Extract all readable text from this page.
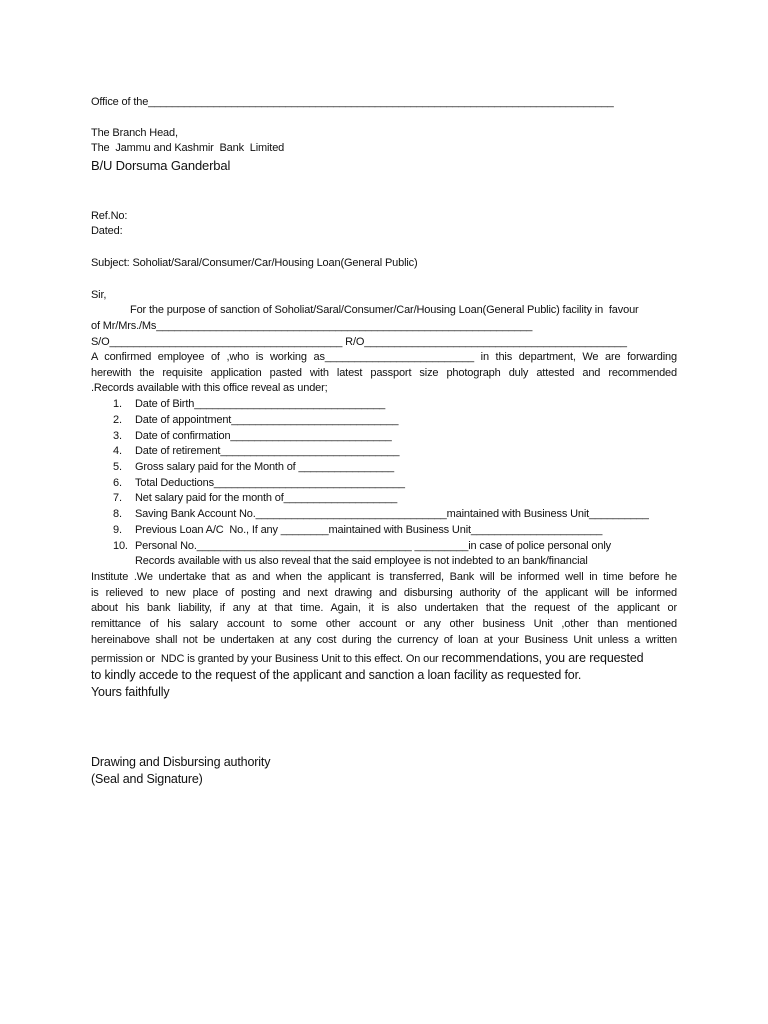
Office of the______________________________________________________________________________
The Branch Head,
The  Jammu and Kashmir  Bank  Limited
B/U Dorsuma Ganderbal
Ref.No:
Dated:
Subject: Soholiat/Saral/Consumer/Car/Housing Loan(General Public)
Sir,
For the purpose of sanction of Soholiat/Saral/Consumer/Car/Housing Loan(General Public) facility in  favour
of Mr/Mrs./Ms_______________________________________________________________
S/O_______________________________________ R/O____________________________________________
A confirmed employee of ,who is working as_________________________ in this department, We are forwarding
herewith the requisite application pasted with latest passport size photograph duly attested and recommended
.Records available with this office reveal as under;
1. Date of Birth________________________________
2. Date of appointment____________________________
3. Date of confirmation___________________________
4. Date of retirement______________________________
5. Gross salary paid for the Month of ________________
6. Total Deductions________________________________
7. Net salary paid for the month of___________________
8. Saving Bank Account No.________________________________maintained with Business Unit__________
9. Previous Loan A/C  No., If any ________maintained with Business Unit______________________
10. Personal No.____________________________________ _________in case of police personal only
Records available with us also reveal that the said employee is not indebted to an bank/financial
Institute .We undertake that as and when the applicant is transferred, Bank will be informed well in time before he
is relieved to new place of posting and next drawing and disbursing authority of the applicant will be informed
about his bank liability, if any at that time. Again, it is also undertaken that the request of the applicant or
remittance of his salary account to some other account or any other business Unit ,other than mentioned
hereinabove shall not be undertaken at any cost during the currency of loan at your Business Unit unless a written
permission or  NDC is granted by your Business Unit to this effect. On our recommendations, you are requested
to kindly accede to the request of the applicant and sanction a loan facility as requested for.
Yours faithfully
Drawing and Disbursing authority
(Seal and Signature)
